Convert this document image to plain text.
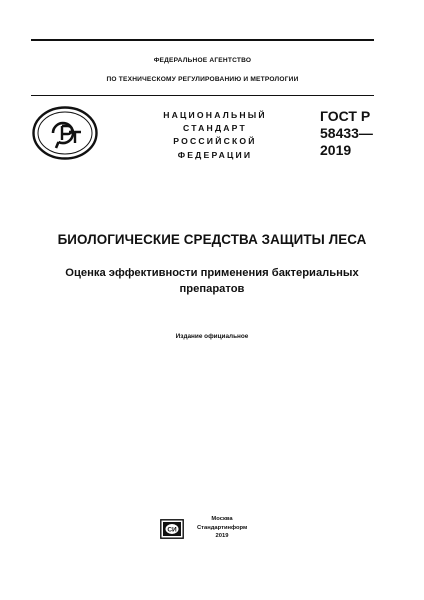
ФЕДЕРАЛЬНОЕ АГЕНТСТВО
ПО ТЕХНИЧЕСКОМУ РЕГУЛИРОВАНИЮ И МЕТРОЛОГИИ
РСТ
НАЦИОНАЛЬНЫЙ
СТАНДАРТ
РОССИЙСКОЙ
ФЕДЕРАЦИИ
ГОСТ Р
58433—
2019
БИОЛОГИЧЕСКИЕ СРЕДСТВА ЗАЩИТЫ ЛЕСА
Оценка эффективности применения бактериальных
препаратов
Издание официальное
СИ
Москва
Стандартинформ
2019
